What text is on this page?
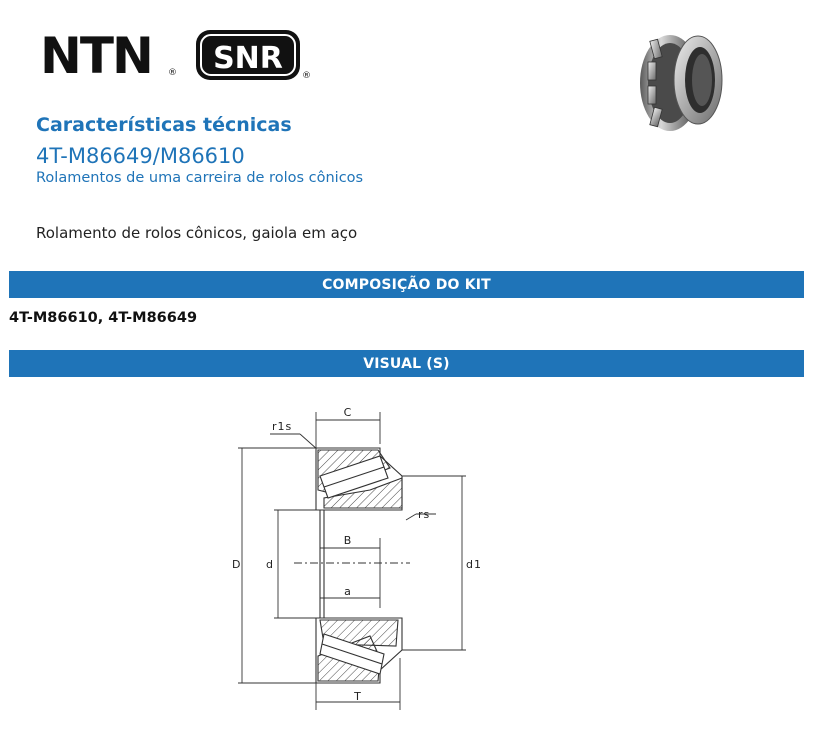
NTN ® SNR ®
Características técnicas
4T-M86649/M86610

Rolamentos de uma carreira de rolos cônicos

Rolamento de rolos cônicos, gaiola em aço

COMPOSIÇÃO DO KIT

4T-M86610, 4T-M86649

VISUAL (S)
C
r1s
rs
D d	d1
B
a
T
